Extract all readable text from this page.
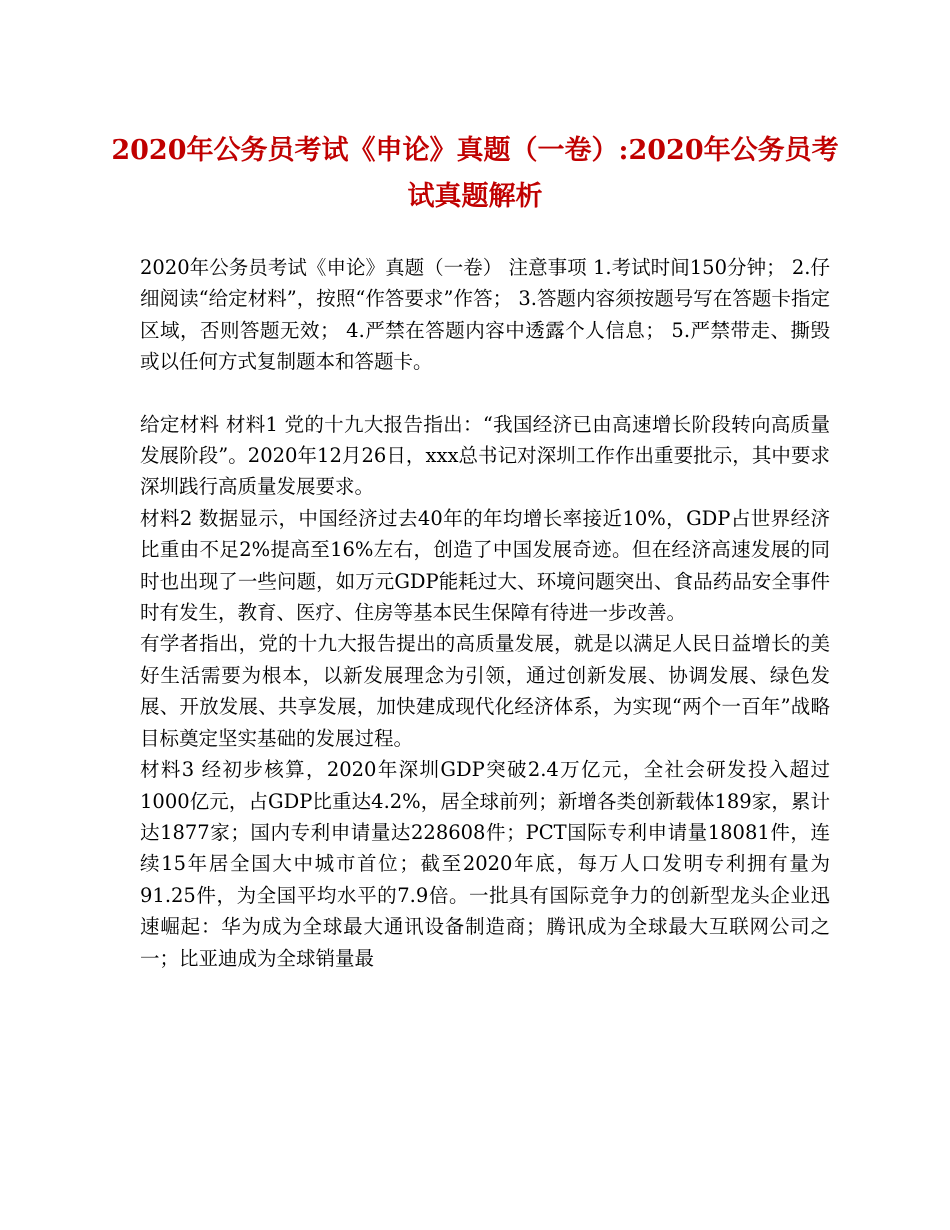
2020年公务员考试《申论》真题（一卷）:2020年公务员考试真题解析

2020年公务员考试《申论》真题（一卷） 注意事项 1.考试时间150分钟； 2.仔细阅读“给定材料”，按照“作答要求”作答； 3.答题内容须按题号写在答题卡指定区域，否则答题无效； 4.严禁在答题内容中透露个人信息； 5.严禁带走、撕毁或以任何方式复制题本和答题卡。

给定材料 材料1 党的十九大报告指出：“我国经济已由高速增长阶段转向高质量发展阶段”。2020年12月26日，xxx总书记对深圳工作作出重要批示，其中要求深圳践行高质量发展要求。

材料2 数据显示，中国经济过去40年的年均增长率接近10%，GDP占世界经济比重由不足2%提高至16%左右，创造了中国发展奇迹。但在经济高速发展的同时也出现了一些问题，如万元GDP能耗过大、环境问题突出、食品药品安全事件时有发生，教育、医疗、住房等基本民生保障有待进一步改善。

有学者指出，党的十九大报告提出的高质量发展，就是以满足人民日益增长的美好生活需要为根本，以新发展理念为引领，通过创新发展、协调发展、绿色发展、开放发展、共享发展，加快建成现代化经济体系，为实现“两个一百年”战略目标奠定坚实基础的发展过程。

材料3 经初步核算，2020年深圳GDP突破2.4万亿元，全社会研发投入超过1000亿元，占GDP比重达4.2%，居全球前列；新增各类创新载体189家，累计达1877家；国内专利申请量达228608件；PCT国际专利申请量18081件，连续15年居全国大中城市首位；截至2020年底，每万人口发明专利拥有量为91.25件，为全国平均水平的7.9倍。一批具有国际竞争力的创新型龙头企业迅速崛起：华为成为全球最大通讯设备制造商；腾讯成为全球最大互联网公司之一；比亚迪成为全球销量最
